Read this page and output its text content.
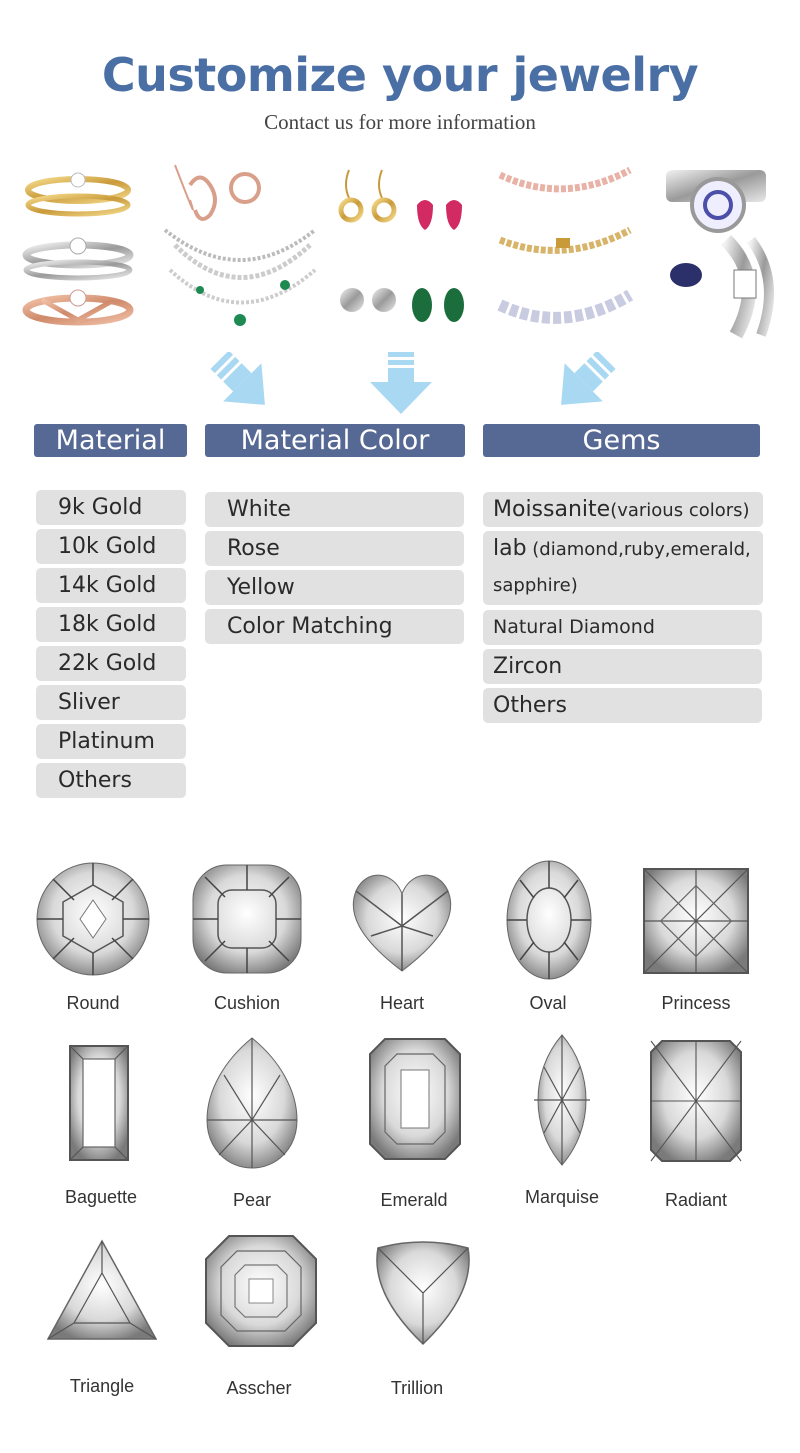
Customize your jewelry
Contact us for more information
Material	Material Color	Gems
9k Gold
10k Gold
14k Gold
18k Gold
22k Gold
Sliver
Platinum
Others
White
Rose
Yellow
Color Matching
Moissanite(various colors)
lab (diamond,ruby,emerald,
sapphire)
Natural Diamond
Zircon
Others
Round	Cushion	Heart	Oval	Princess
Baguette	Pear	Emerald	Marquise	Radiant
Triangle	Asscher	Trillion
